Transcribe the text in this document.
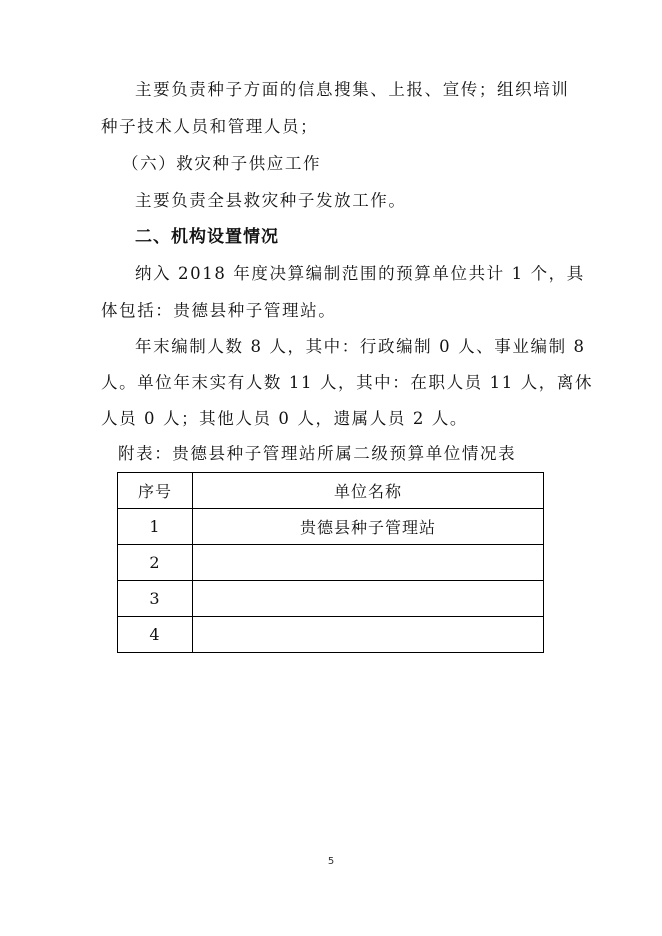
主要负责种子方面的信息搜集、上报、宣传；组织培训
种子技术人员和管理人员；
（六）救灾种子供应工作
主要负责全县救灾种子发放工作。
二、机构设置情况
纳入 2018 年度决算编制范围的预算单位共计 1 个，具
体包括：贵德县种子管理站。
年末编制人数 8 人，其中：行政编制 0 人、事业编制 8
人。单位年末实有人数 11 人，其中：在职人员 11 人，离休
人员 0 人；其他人员 0 人，遗属人员 2 人。
附表：贵德县种子管理站所属二级预算单位情况表
序号	单位名称
1	贵德县种子管理站
2	
3	
4	
5
